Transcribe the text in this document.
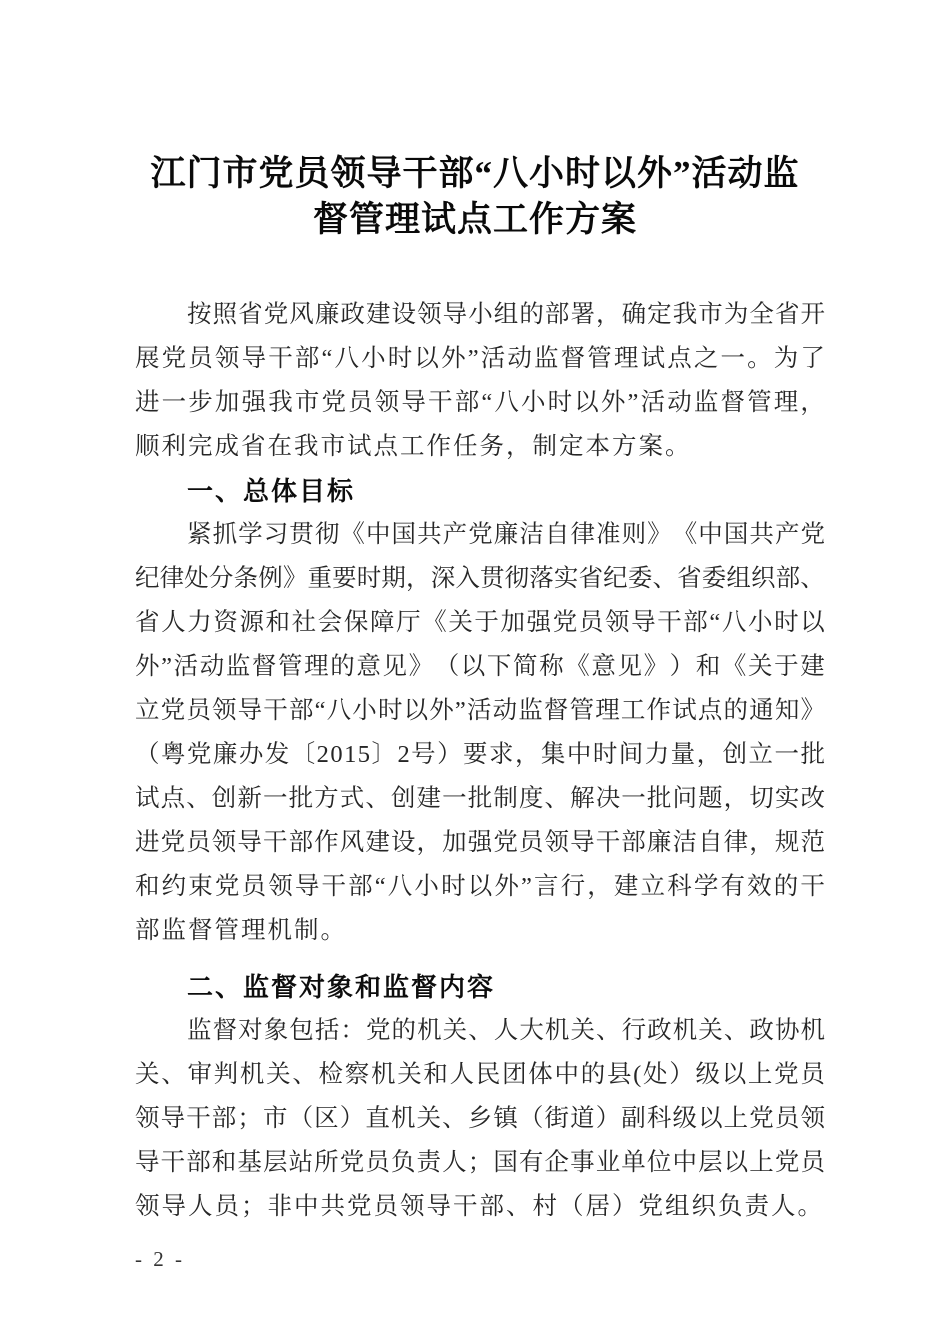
江门市党员领导干部“八小时以外”活动监
督管理试点工作方案
按 照 省 党 风 廉 政 建 设 领 导 小 组 的 部 署 ， 确 定 我 市 为 全 省 开
展 党 员 领 导 干 部 “ 八 小 时 以 外 ” 活 动 监 督 管 理 试 点 之 一 。 为 了
进 一 步 加 强 我 市 党 员 领 导 干 部 “ 八 小 时 以 外 ” 活 动 监 督 管 理 ，
顺利完成省在我市试点工作任务，制定本方案。
一、总体目标
紧 抓 学 习 贯 彻 《 中 国 共 产 党 廉 洁 自 律 准 则 》 《 中 国 共 产 党
纪 律 处 分 条 例 》 重 要 时 期 ， 深 入 贯 彻 落 实 省 纪 委 、 省 委 组 织 部 、
省 人 力 资 源 和 社 会 保 障 厅 《 关 于 加 强 党 员 领 导 干 部 “ 八 小 时 以
外 ” 活 动 监 督 管 理 的 意 见 》 （ 以 下 简 称 《 意 见 》 ） 和 《 关 于 建
立 党 员 领 导 干 部 “ 八 小 时 以 外 ” 活 动 监 督 管 理 工 作 试 点 的 通 知 》
（ 粤 党 廉 办 发 〔 2 0 1 5 〕 2 号 ） 要 求 ， 集 中 时 间 力 量 ， 创 立 一 批
试 点 、 创 新 一 批 方 式 、 创 建 一 批 制 度 、 解 决 一 批 问 题 ， 切 实 改
进 党 员 领 导 干 部 作 风 建 设 ， 加 强 党 员 领 导 干 部 廉 洁 自 律 ， 规 范
和 约 束 党 员 领 导 干 部 “ 八 小 时 以 外 ” 言 行 ， 建 立 科 学 有 效 的 干
部监督管理机制。
二、监督对象和监督内容
监 督 对 象 包 括 ： 党 的 机 关 、 人 大 机 关 、 行 政 机 关 、 政 协 机
关 、 审 判 机 关 、 检 察 机 关 和 人 民 团 体 中 的 县 ( 处 ） 级 以 上 党 员
领 导 干 部 ； 市 （ 区 ） 直 机 关 、 乡 镇 （ 街 道 ） 副 科 级 以 上 党 员 领
导 干 部 和 基 层 站 所 党 员 负 责 人 ； 国 有 企 事 业 单 位 中 层 以 上 党 员
领导人员；非中共党员领导干部、村（居）党组织负责人。
- 2 -
